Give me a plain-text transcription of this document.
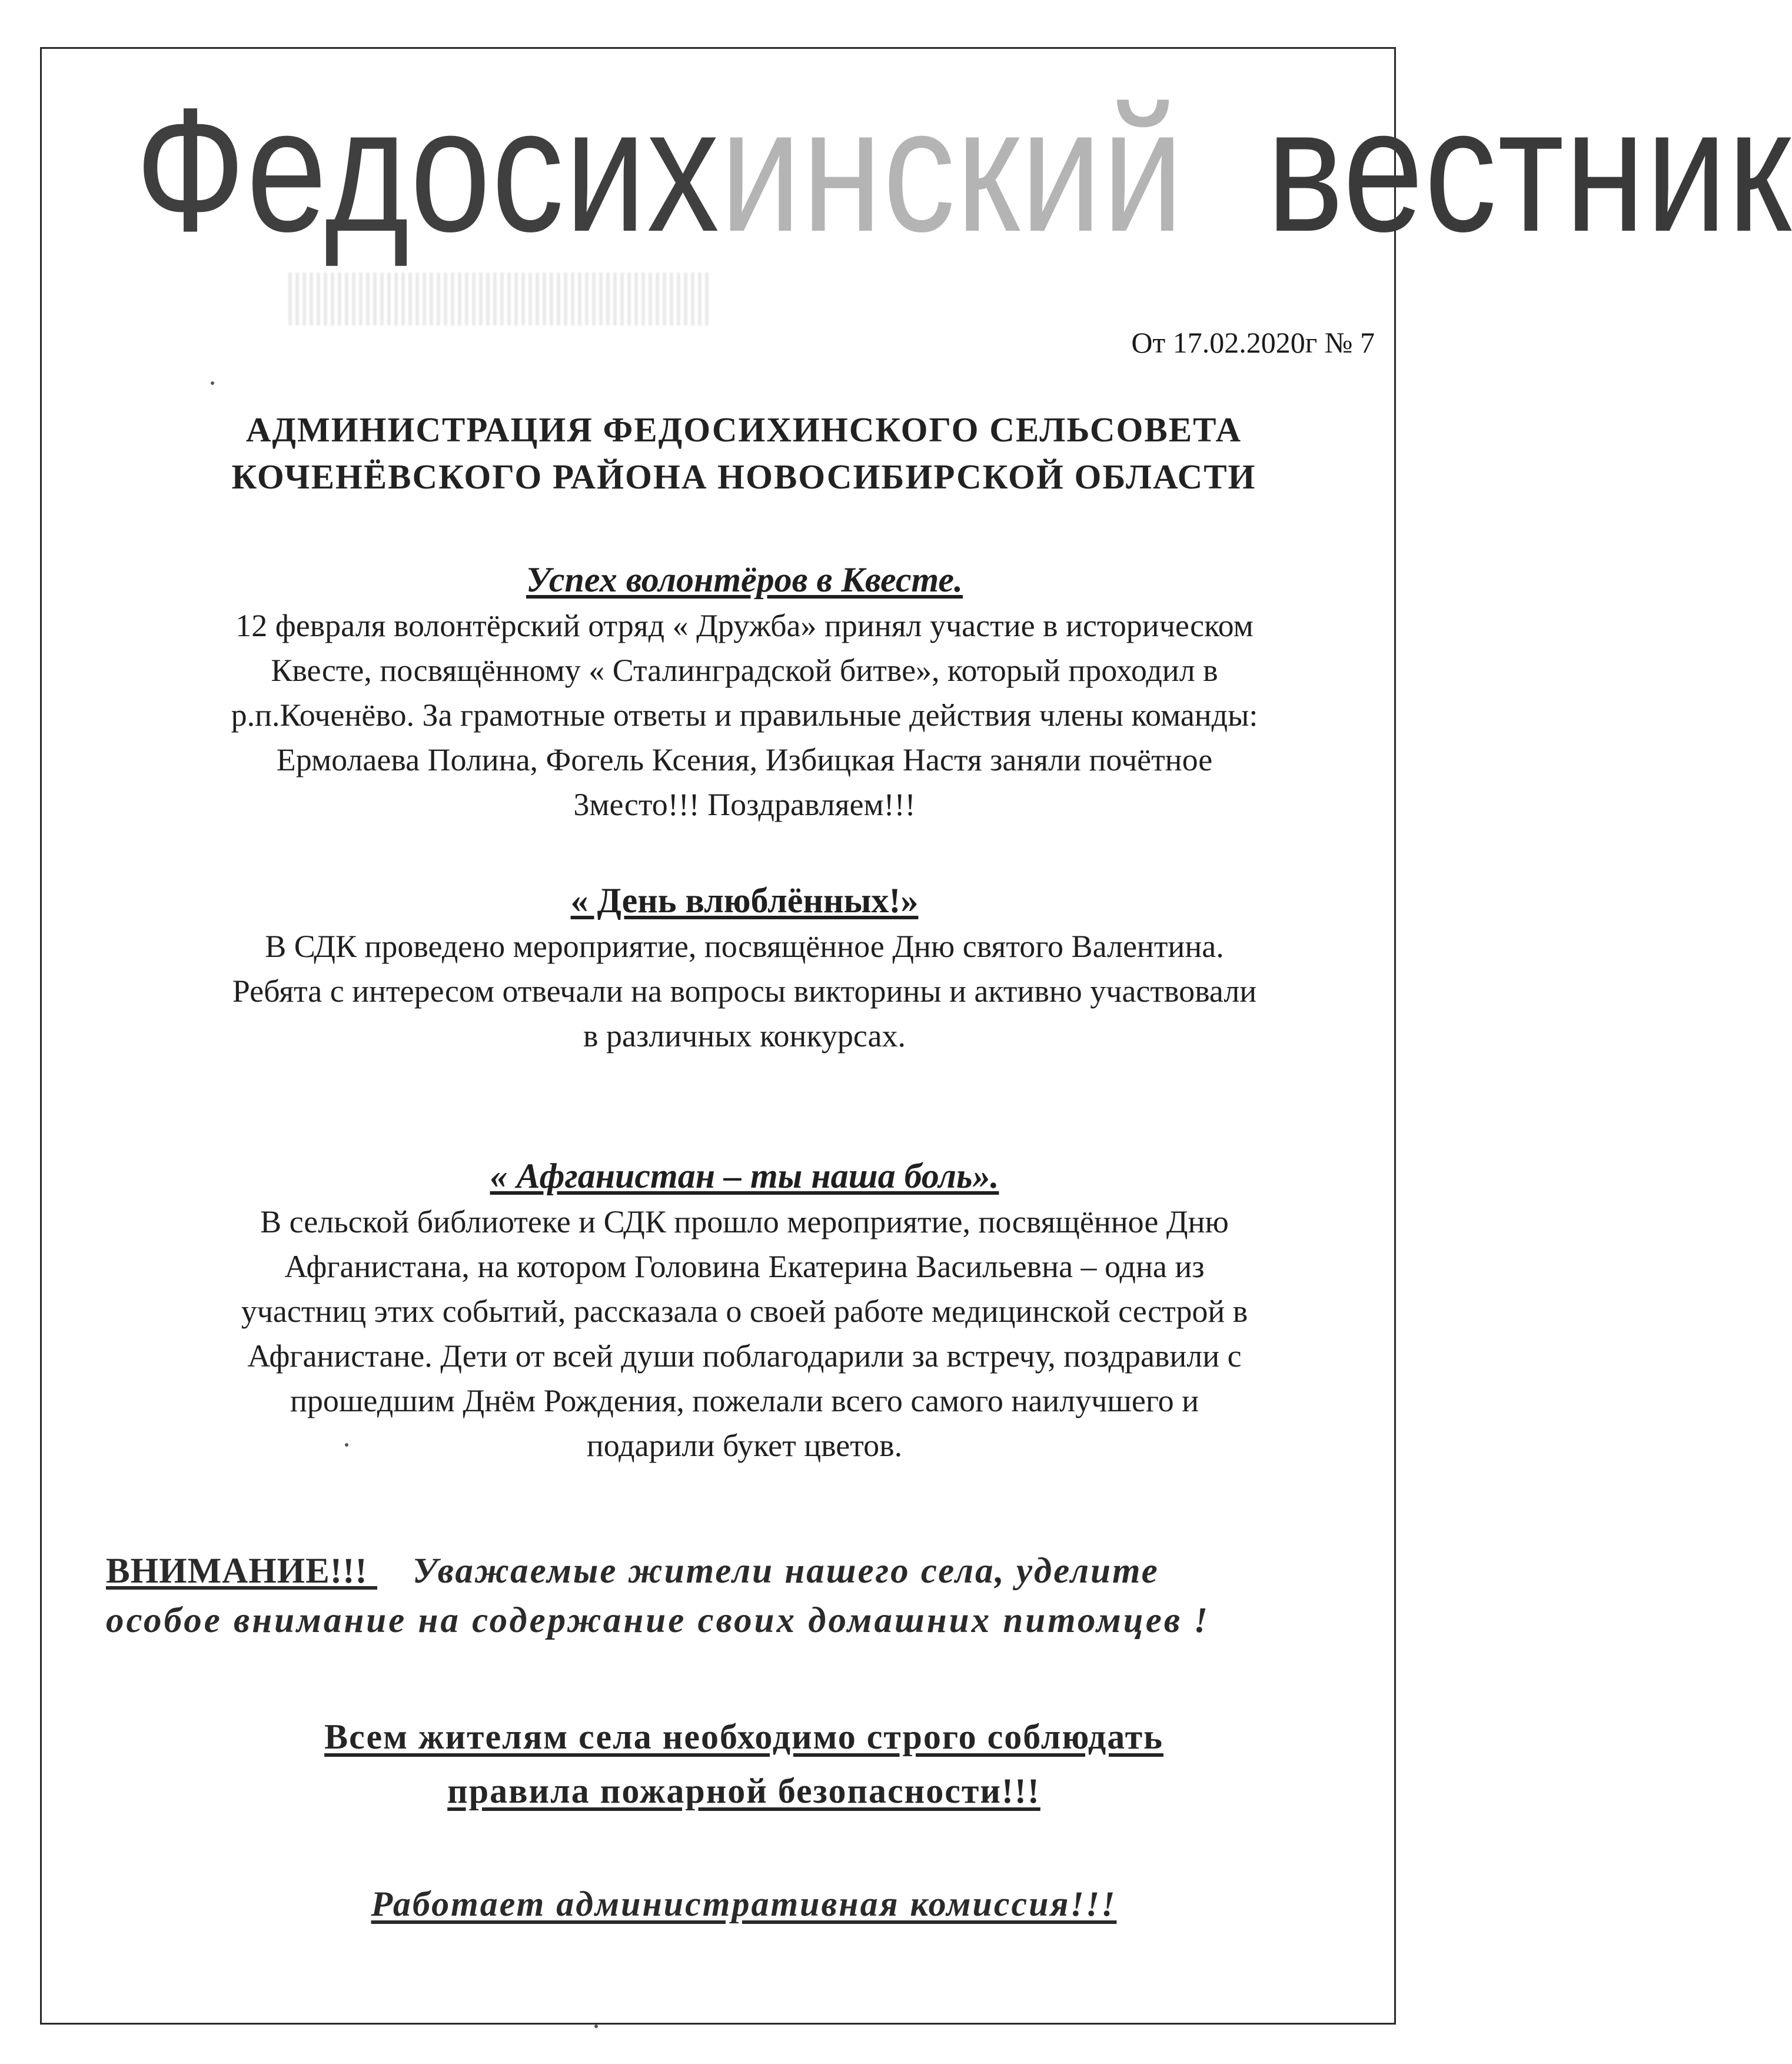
Федосихинский вестник
От 17.02.2020г № 7
АДМИНИСТРАЦИЯ ФЕДОСИХИНСКОГО СЕЛЬСОВЕТА
КОЧЕНЁВСКОГО РАЙОНА НОВОСИБИРСКОЙ ОБЛАСТИ
Успех волонтёров в Квесте.

12 февраля волонтёрский отряд « Дружба» принял участие в историческом
Квесте, посвящённому « Сталинградской битве», который проходил в
р.п.Коченёво. За грамотные ответы и правильные действия члены команды:
Ермолаева Полина, Фогель Ксения, Избицкая Настя заняли почётное
3место!!! Поздравляем!!!

« День влюблённых!»

В СДК проведено мероприятие, посвящённое Дню святого Валентина.
Ребята с интересом отвечали на вопросы викторины и активно участвовали
в различных конкурсах.

« Афганистан – ты наша боль».

В сельской библиотеке и СДК прошло мероприятие, посвящённое Дню
Афганистана, на котором Головина Екатерина Васильевна – одна из
участниц этих событий, рассказала о своей работе медицинской сестрой в
Афганистане. Дети от всей души поблагодарили за встречу, поздравили с
прошедшим Днём Рождения, пожелали всего самого наилучшего и
подарили букет цветов.

ВНИМАНИЕ!!! Уважаемые жители нашего села, уделите
особое внимание на содержание своих домашних питомцев !
Всем жителям села необходимо строго соблюдать
правила пожарной безопасности!!!
Работает административная комиссия!!!
